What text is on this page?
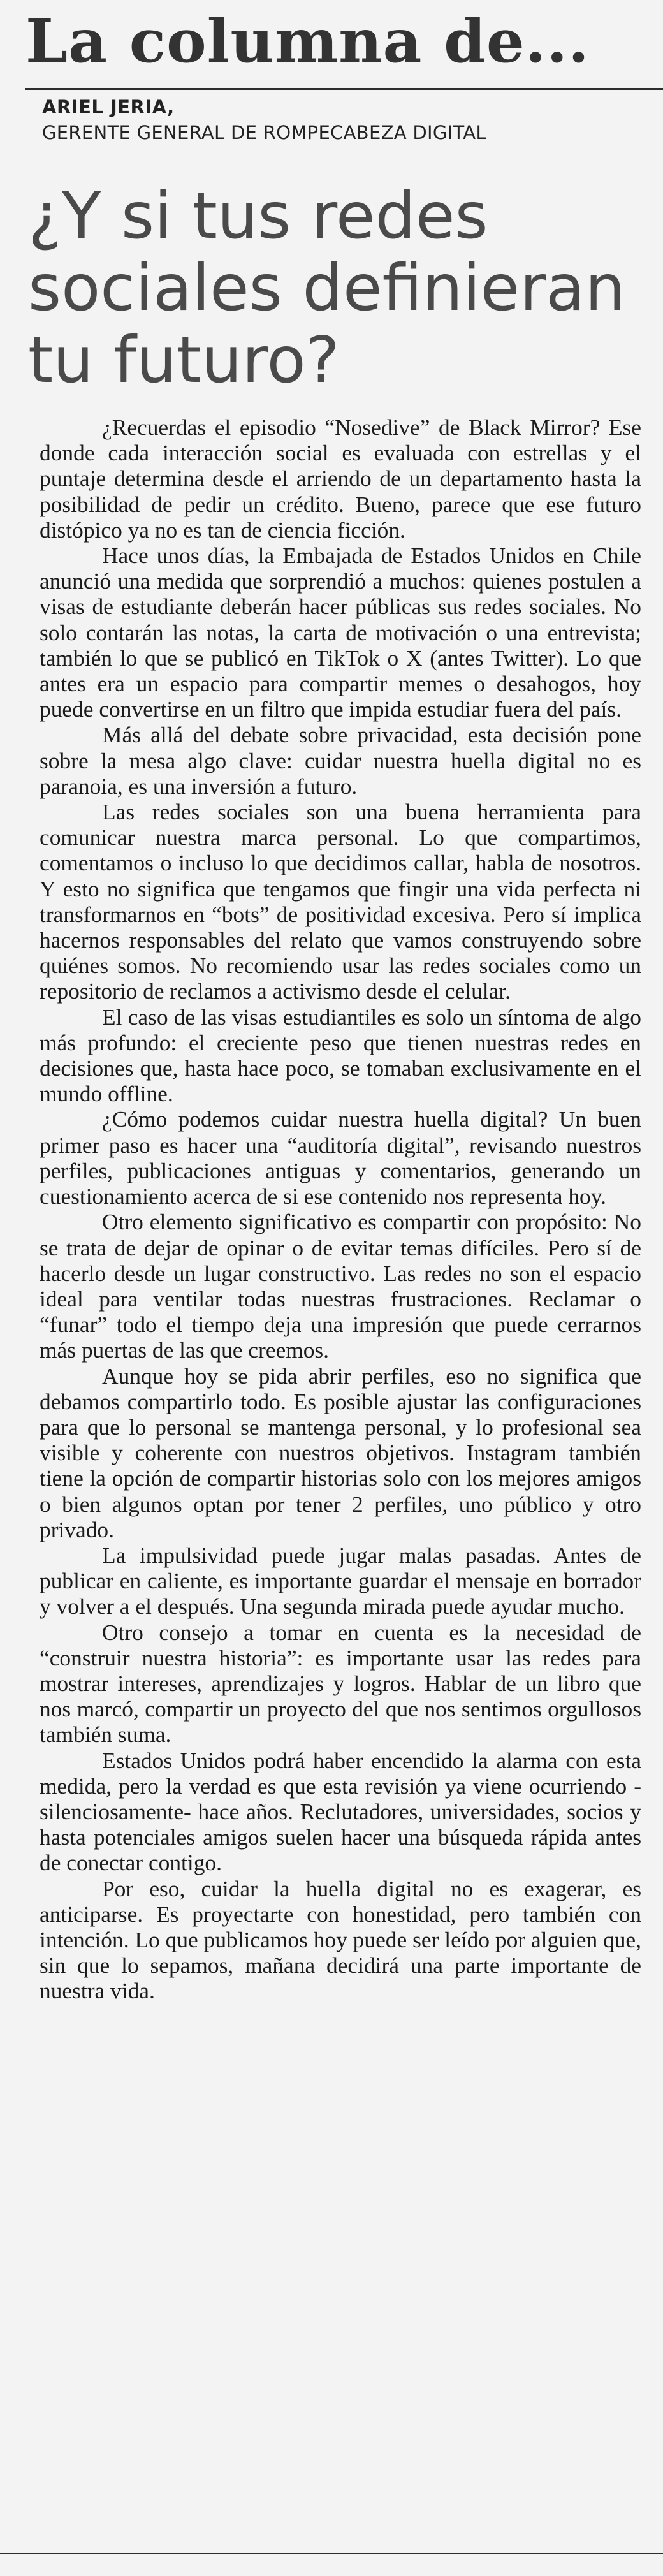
La columna de...
ARIEL JERIA,
GERENTE GENERAL DE ROMPECABEZA DIGITAL
¿Y si tus redes sociales definieran tu futuro?

¿Recuerdas el episodio “Nosedive” de Black Mirror? Ese donde cada interacción social es evaluada con estrellas y el puntaje determina desde el arriendo de un departamento hasta la posibilidad de pedir un crédito. Bueno, parece que ese futuro distópico ya no es tan de ciencia ficción.

Hace unos días, la Embajada de Estados Unidos en Chile anunció una medida que sorprendió a muchos: quienes postulen a visas de estudiante deberán hacer públicas sus redes sociales. No solo contarán las notas, la carta de motivación o una entrevista; también lo que se publicó en TikTok o X (antes Twitter). Lo que antes era un espacio para compartir memes o desahogos, hoy puede convertirse en un filtro que impida estudiar fuera del país.

Más allá del debate sobre privacidad, esta decisión pone sobre la mesa algo clave: cuidar nuestra huella digital no es paranoia, es una inversión a futuro.

Las redes sociales son una buena herramienta para comunicar nuestra marca personal. Lo que compartimos, comentamos o incluso lo que decidimos callar, habla de nosotros. Y esto no significa que tengamos que fingir una vida perfecta ni transformarnos en “bots” de positividad excesiva. Pero sí implica hacernos responsables del relato que vamos construyendo sobre quiénes somos. No recomiendo usar las redes sociales como un repositorio de reclamos a activismo desde el celular.

El caso de las visas estudiantiles es solo un síntoma de algo más profundo: el creciente peso que tienen nuestras redes en decisiones que, hasta hace poco, se tomaban exclusivamente en el mundo offline.

¿Cómo podemos cuidar nuestra huella digital? Un buen primer paso es hacer una “auditoría digital”, revisando nuestros perfiles, publicaciones antiguas y comentarios, generando un cuestionamiento acerca de si ese contenido nos representa hoy.

Otro elemento significativo es compartir con propósito: No se trata de dejar de opinar o de evitar temas difíciles. Pero sí de hacerlo desde un lugar constructivo. Las redes no son el espacio ideal para ventilar todas nuestras frustraciones. Reclamar o “funar” todo el tiempo deja una impresión que puede cerrarnos más puertas de las que creemos.

Aunque hoy se pida abrir perfiles, eso no significa que debamos compartirlo todo. Es posible ajustar las configuraciones para que lo personal se mantenga personal, y lo profesional sea visible y coherente con nuestros objetivos. Instagram también tiene la opción de compartir historias solo con los mejores amigos o bien algunos optan por tener 2 perfiles, uno público y otro privado.

La impulsividad puede jugar malas pasadas. Antes de publicar en caliente, es importante guardar el mensaje en borrador y volver a el después. Una segunda mirada puede ayudar mucho.

Otro consejo a tomar en cuenta es la necesidad de “construir nuestra historia”: es importante usar las redes para mostrar intereses, aprendizajes y logros. Hablar de un libro que nos marcó, compartir un proyecto del que nos sentimos orgullosos también suma.

Estados Unidos podrá haber encendido la alarma con esta medida, pero la verdad es que esta revisión ya viene ocurriendo -silenciosamente- hace años. Reclutadores, universidades, socios y hasta potenciales amigos suelen hacer una búsqueda rápida antes de conectar contigo.

Por eso, cuidar la huella digital no es exagerar, es anticiparse. Es proyectarte con honestidad, pero también con intención. Lo que publicamos hoy puede ser leído por alguien que, sin que lo sepamos, mañana decidirá una parte importante de nuestra vida.
